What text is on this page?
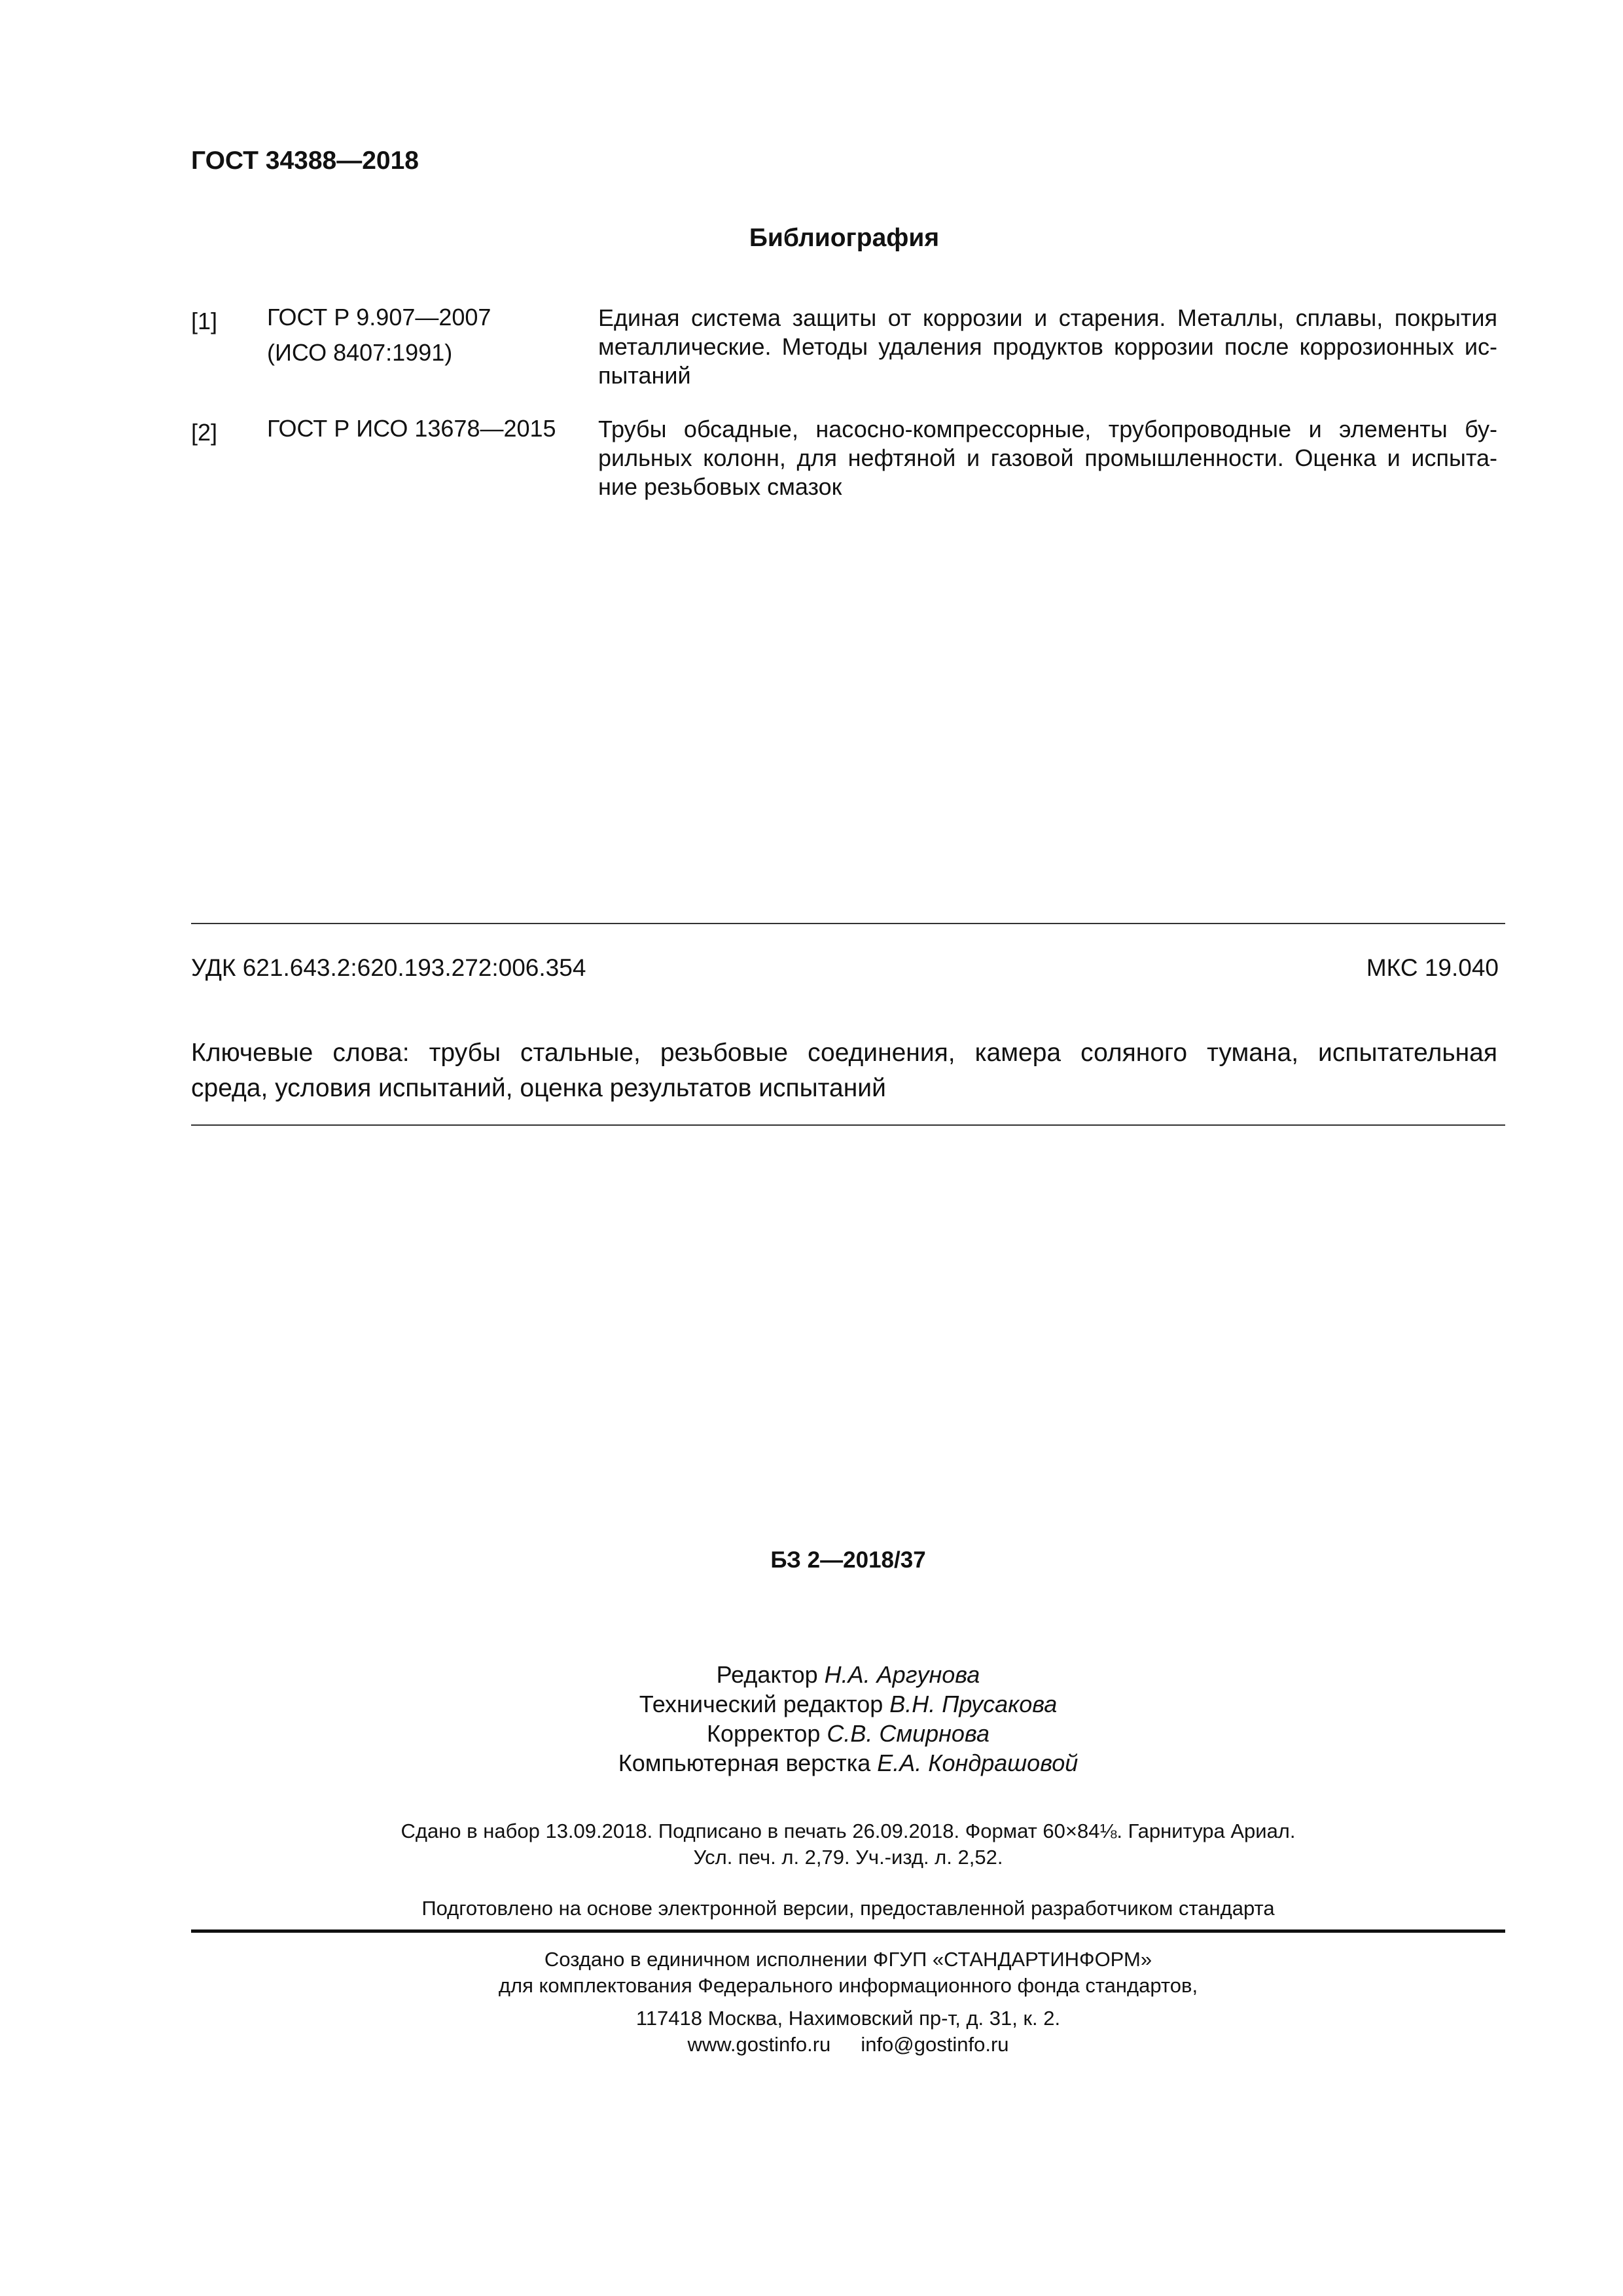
ГОСТ 34388—2018
Библиография
[1] ГОСТ Р 9.907—2007
(ИСО 8407:1991)
Единая система защиты от коррозии и старения. Металлы, сплавы, покрытия
металлические. Методы удаления продуктов коррозии после коррозионных ис-
пытаний
[2] ГОСТ Р ИСО 13678—2015 Трубы обсадные, насосно-компрессорные, трубопроводные и элементы бу-
рильных колонн, для нефтяной и газовой промышленности. Оценка и испыта-
ние резьбовых смазок
УДК 621.643.2:620.193.272:006.354	МКС 19.040
Ключевые слова: трубы стальные, резьбовые соединения, камера соляного тумана, испытательная
среда, условия испытаний, оценка результатов испытаний
БЗ 2—2018/37
Редактор Н.А. Аргунова
Технический редактор В.Н. Прусакова
Корректор С.В. Смирнова
Компьютерная верстка Е.А. Кондрашовой
Сдано в набор 13.09.2018. Подписано в печать 26.09.2018. Формат 60×84⅛. Гарнитура Ариал.
Усл. печ. л. 2,79. Уч.-изд. л. 2,52.
Подготовлено на основе электронной версии, предоставленной разработчиком стандарта
Создано в единичном исполнении ФГУП «СТАНДАРТИНФОРМ»
для комплектования Федерального информационного фонда стандартов,
117418 Москва, Нахимовский пр-т, д. 31, к. 2.
www.gostinfo.ru info@gostinfo.ru
